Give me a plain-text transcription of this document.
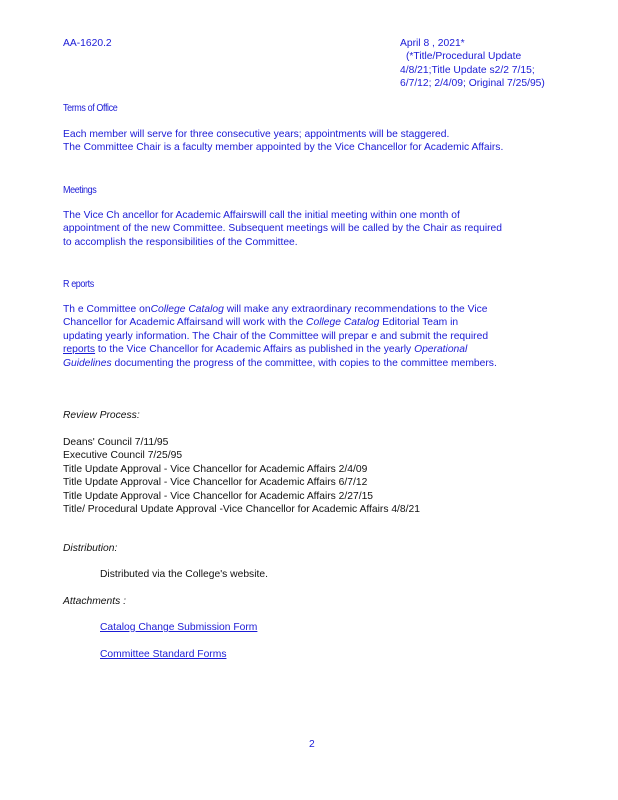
AA-1620.2	April 8 , 2021*
(*Title/Procedural Update
4/8/21;Title Update s2/2 7/15;
6/7/12; 2/4/09; Original 7/25/95)
Terms of Office
Each member will serve for three consecutive years; appointments will be staggered.
The Committee Chair is a faculty member appointed by the Vice Chancellor for Academic Affairs.
Meetings
The Vice Ch ancellor for Academic Affairswill call the initial meeting within one month of
appointment of the new Committee. Subsequent meetings will be called by the Chair as required
to accomplish the responsibilities of the Committee.
R eports
Th e Committee onCollege Catalog will make any extraordinary recommendations to the Vice
Chancellor for Academic Affairsand will work with the College Catalog Editorial Team in
updating yearly information. The Chair of the Committee will prepar e and submit the required
reports to the Vice Chancellor for Academic Affairs as published in the yearly Operational
Guidelines documenting the progress of the committee, with copies to the committee members.
Review Process:
Deans' Council 7/11/95
Executive Council 7/25/95
Title Update Approval - Vice Chancellor for Academic Affairs 2/4/09
Title Update Approval - Vice Chancellor for Academic Affairs 6/7/12
Title Update Approval - Vice Chancellor for Academic Affairs 2/27/15
Title/ Procedural Update Approval -Vice Chancellor for Academic Affairs 4/8/21
Distribution:
Distributed via the College's website.
Attachments :
Catalog Change Submission Form
Committee Standard Forms
2
